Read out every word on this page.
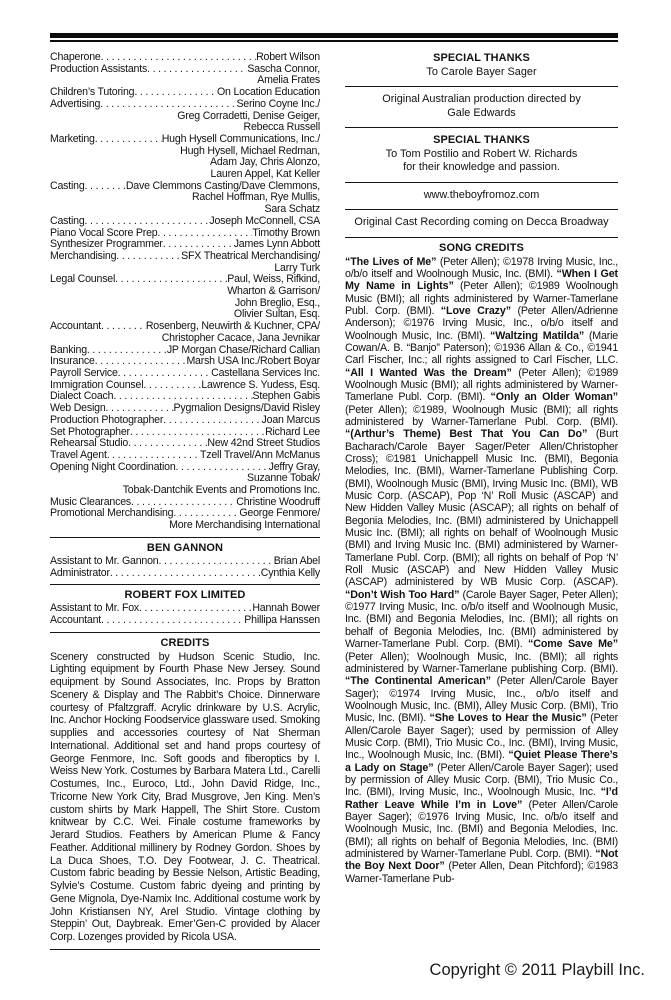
Chaperone . . .	Robert Wilson
Production Assistants . . .	Sascha Connor,
Amelia Frates
Children’s Tutoring . . .	On Location Education
Advertising . . .	Serino Coyne Inc./
Greg Corradetti, Denise Geiger,
Rebecca Russell
Marketing . . .	Hugh Hysell Communications, Inc./
Hugh Hysell, Michael Redman,
Adam Jay, Chris Alonzo,
Lauren Appel, Kat Keller
Casting . . .	Dave Clemmons Casting/Dave Clemmons,
Rachel Hoffman, Rye Mullis,
Sara Schatz
Casting . . .	Joseph McConnell, CSA
Piano Vocal Score Prep . . .	Timothy Brown
Synthesizer Programmer . . .	James Lynn Abbott
Merchandising . . .	SFX Theatrical Merchandising/
Larry Turk
Legal Counsel . . .	Paul, Weiss, Rifkind,
Wharton & Garrison/
John Breglio, Esq.,
Olivier Sultan, Esq.
Accountant . . .	Rosenberg, Neuwirth & Kuchner, CPA/
Christopher Cacace, Jana Jevnikar
Banking . . .	JP Morgan Chase/Richard Callian
Insurance . . .	Marsh USA Inc./Robert Boyar
Payroll Service . . .	Castellana Services Inc.
Immigration Counsel . . .	Lawrence S. Yudess, Esq.
Dialect Coach . . .	Stephen Gabis
Web Design . . .	Pygmalion Designs/David Risley
Production Photographer . . .	Joan Marcus
Set Photographer . . .	Richard Lee
Rehearsal Studio . . .	New 42nd Street Studios
Travel Agent . . .	Tzell Travel/Ann McManus
Opening Night Coordination . . .	Jeffry Gray,
Suzanne Tobak/
Tobak-Dantchik Events and Promotions Inc.
Music Clearances . . .	Christine Woodruff
Promotional Merchandising . . .	George Fenmore/
More Merchandising International
BEN GANNON
Assistant to Mr. Gannon . . .	Brian Abel
Administrator . . .	Cynthia Kelly
ROBERT FOX LIMITED
Assistant to Mr. Fox . . .	Hannah Bower
Accountant . . .	Phillipa Hanssen
CREDITS
Scenery constructed by Hudson Scenic Studio, Inc. Lighting equipment by Fourth Phase New Jersey. Sound equipment by Sound Associates, Inc. Props by Bratton Scenery & Display and The Rabbit’s Choice. Dinnerware courtesy of Pfaltzgraff. Acrylic drinkware by U.S. Acrylic, Inc. Anchor Hocking Foodservice glassware used. Smoking supplies and accessories courtesy of Nat Sherman International. Additional set and hand props courtesy of George Fenmore, Inc. Soft goods and fiberoptics by I. Weiss New York. Costumes by Barbara Matera Ltd., Carelli Costumes, Inc., Euroco, Ltd., John David Ridge, Inc., Tricorne New York City, Brad Musgrove, Jen King. Men’s custom shirts by Mark Happell, The Shirt Store. Custom knitwear by C.C. Wei. Finale costume frameworks by Jerard Studios. Feathers by American Plume & Fancy Feather. Additional millinery by Rodney Gordon. Shoes by La Duca Shoes, T.O. Dey Footwear, J. C. Theatrical. Custom fabric beading by Bessie Nelson, Artistic Beading, Sylvie’s Costume. Custom fabric dyeing and printing by Gene Mignola, Dye-Namix Inc. Additional costume work by John Kristiansen NY, Arel Studio. Vintage clothing by Steppin’ Out, Daybreak. Emer’Gen-C provided by Alacer Corp. Lozenges provided by Ricola USA.
SPECIAL THANKS
To Carole Bayer Sager
Original Australian production directed by
Gale Edwards
SPECIAL THANKS
To Tom Postilio and Robert W. Richards
for their knowledge and passion.
www.theboyfromoz.com
Original Cast Recording coming on Decca Broadway
SONG CREDITS
“The Lives of Me” (Peter Allen); ©1978 Irving Music, Inc., o/b/o itself and Woolnough Music, Inc. (BMI). “When I Get My Name in Lights” (Peter Allen); ©1989 Woolnough Music (BMI); all rights administered by Warner-Tamerlane Publ. Corp. (BMI). “Love Crazy” (Peter Allen/Adrienne Anderson); ©1976 Irving Music, Inc., o/b/o itself and Woolnough Music, Inc. (BMI). “Waltzing Matilda” (Marie Cowan/A. B. “Banjo” Paterson); ©1936 Allan & Co., ©1941 Carl Fischer, Inc.; all rights assigned to Carl Fischer, LLC. “All I Wanted Was the Dream” (Peter Allen); ©1989 Woolnough Music (BMI); all rights administered by Warner-Tamerlane Publ. Corp. (BMI). “Only an Older Woman” (Peter Allen); ©1989, Woolnough Music (BMI); all rights administered by Warner-Tamerlane Publ. Corp. (BMI). “(Arthur’s Theme) Best That You Can Do” (Burt Bacharach/Carole Bayer Sager/Peter Allen/Christopher Cross); ©1981 Unichappell Music Inc. (BMI), Begonia Melodies, Inc. (BMI), Warner-Tamerlane Publishing Corp. (BMI), Woolnough Music (BMI), Irving Music Inc. (BMI), WB Music Corp. (ASCAP), Pop ‘N’ Roll Music (ASCAP) and New Hidden Valley Music (ASCAP); all rights on behalf of Begonia Melodies, Inc. (BMI) administered by Unichappell Music Inc. (BMI); all rights on behalf of Woolnough Music (BMI) and Irving Music Inc. (BMI) administered by Warner-Tamerlane Publ. Corp. (BMI); all rights on behalf of Pop ‘N’ Roll Music (ASCAP) and New Hidden Valley Music (ASCAP) administered by WB Music Corp. (ASCAP). “Don’t Wish Too Hard” (Carole Bayer Sager, Peter Allen); ©1977 Irving Music, Inc. o/b/o itself and Woolnough Music, Inc. (BMI) and Begonia Melodies, Inc. (BMI); all rights on behalf of Begonia Melodies, Inc. (BMI) administered by Warner-Tamerlane Publ. Corp. (BMI). “Come Save Me” (Peter Allen); Woolnough Music, Inc. (BMI); all rights administered by Warner-Tamerlane publishing Corp. (BMI). “The Continental American” (Peter Allen/Carole Bayer Sager); ©1974 Irving Music, Inc., o/b/o itself and Woolnough Music, Inc. (BMI), Alley Music Corp. (BMI), Trio Music, Inc. (BMI). “She Loves to Hear the Music” (Peter Allen/Carole Bayer Sager); used by permission of Alley Music Corp. (BMI), Trio Music Co., Inc. (BMI), Irving Music, Inc., Woolnough Music, Inc. (BMI). “Quiet Please There’s a Lady on Stage” (Peter Allen/Carole Bayer Sager); used by permission of Alley Music Corp. (BMI), Trio Music Co., Inc. (BMI), Irving Music, Inc., Woolnough Music, Inc. “I’d Rather Leave While I’m in Love” (Peter Allen/Carole Bayer Sager); ©1976 Irving Music, Inc. o/b/o itself and Woolnough Music, Inc. (BMI) and Begonia Melodies, Inc. (BMI); all rights on behalf of Begonia Melodies, Inc. (BMI) administered by Warner-Tamerlane Publ. Corp. (BMI). “Not the Boy Next Door” (Peter Allen, Dean Pitchford); ©1983 Warner-Tamerlane Pub-
Copyright © 2011 Playbill Inc.
